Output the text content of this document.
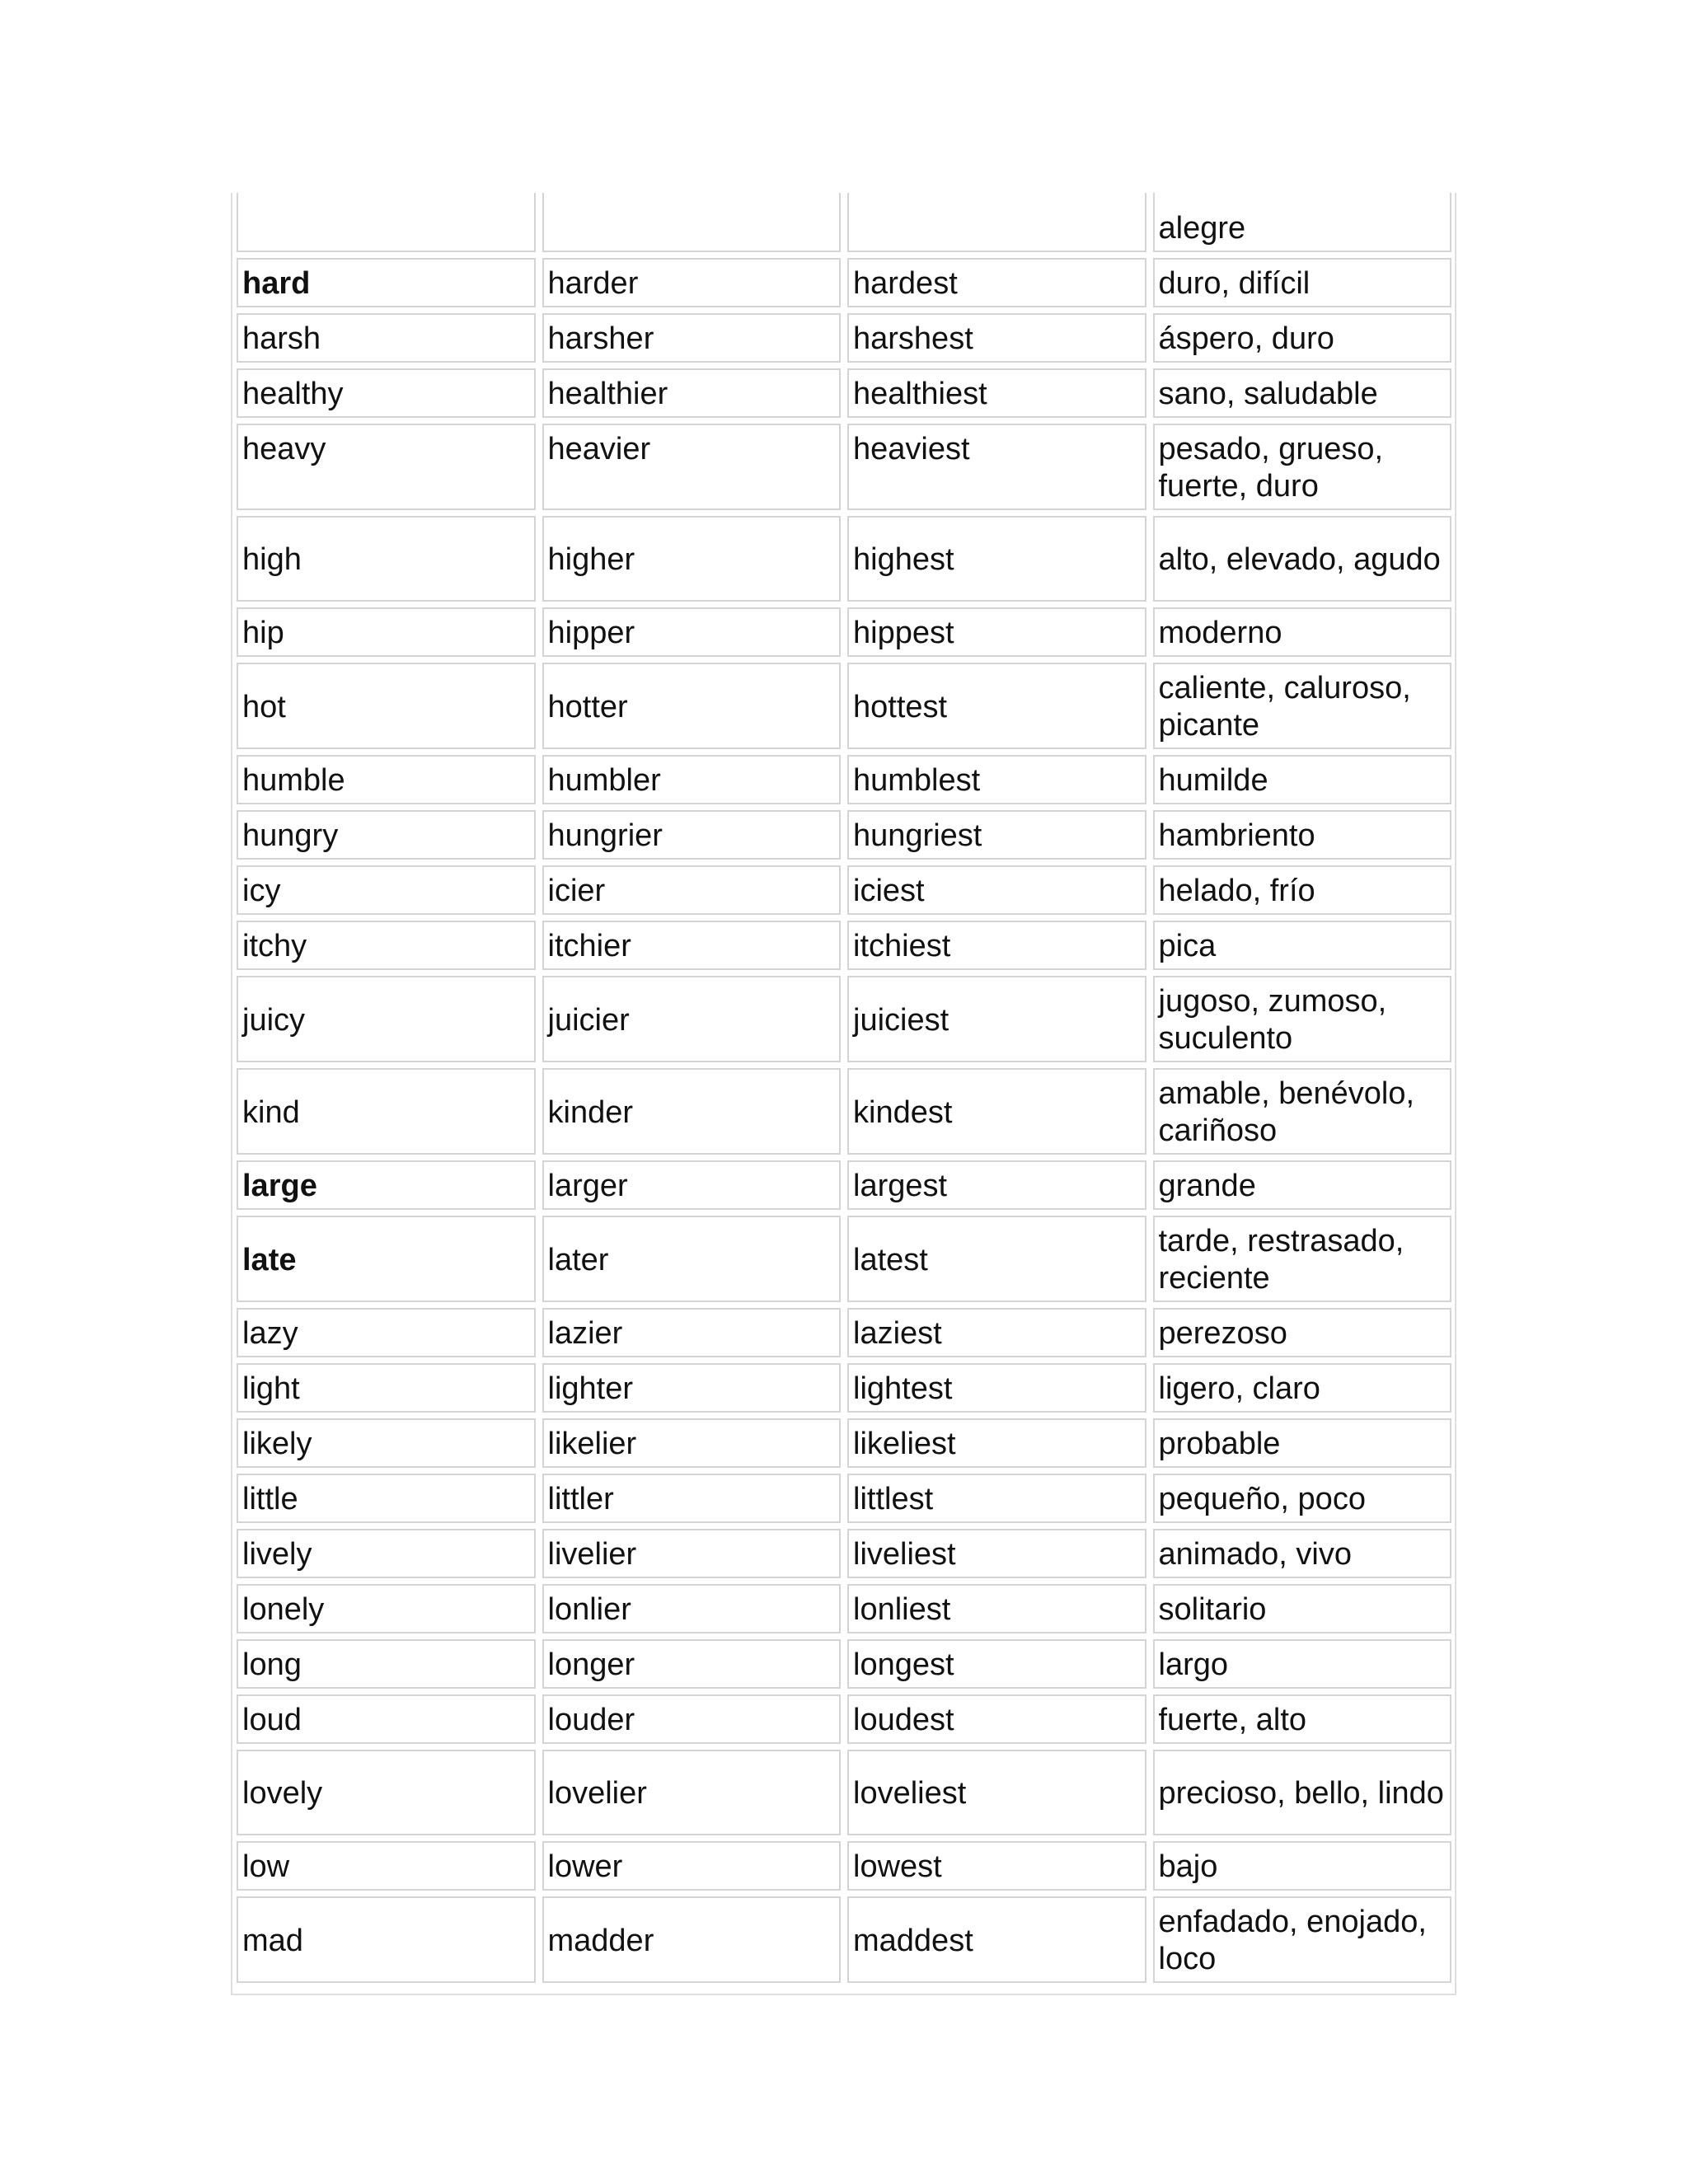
			alegre
hard	harder	hardest	duro, difícil
harsh	harsher	harshest	áspero, duro
healthy	healthier	healthiest	sano, saludable
heavy	heavier	heaviest	pesado, grueso, fuerte, duro
high	higher	highest	alto, elevado, agudo
hip	hipper	hippest	moderno
hot	hotter	hottest	caliente, caluroso, picante
humble	humbler	humblest	humilde
hungry	hungrier	hungriest	hambriento
icy	icier	iciest	helado, frío
itchy	itchier	itchiest	pica
juicy	juicier	juiciest	jugoso, zumoso, suculento
kind	kinder	kindest	amable, benévolo, cariñoso
large	larger	largest	grande
late	later	latest	tarde, restrasado, reciente
lazy	lazier	laziest	perezoso
light	lighter	lightest	ligero, claro
likely	likelier	likeliest	probable
little	littler	littlest	pequeño, poco
lively	livelier	liveliest	animado, vivo
lonely	lonlier	lonliest	solitario
long	longer	longest	largo
loud	louder	loudest	fuerte, alto
lovely	lovelier	loveliest	precioso, bello, lindo
low	lower	lowest	bajo
mad	madder	maddest	enfadado, enojado, loco
